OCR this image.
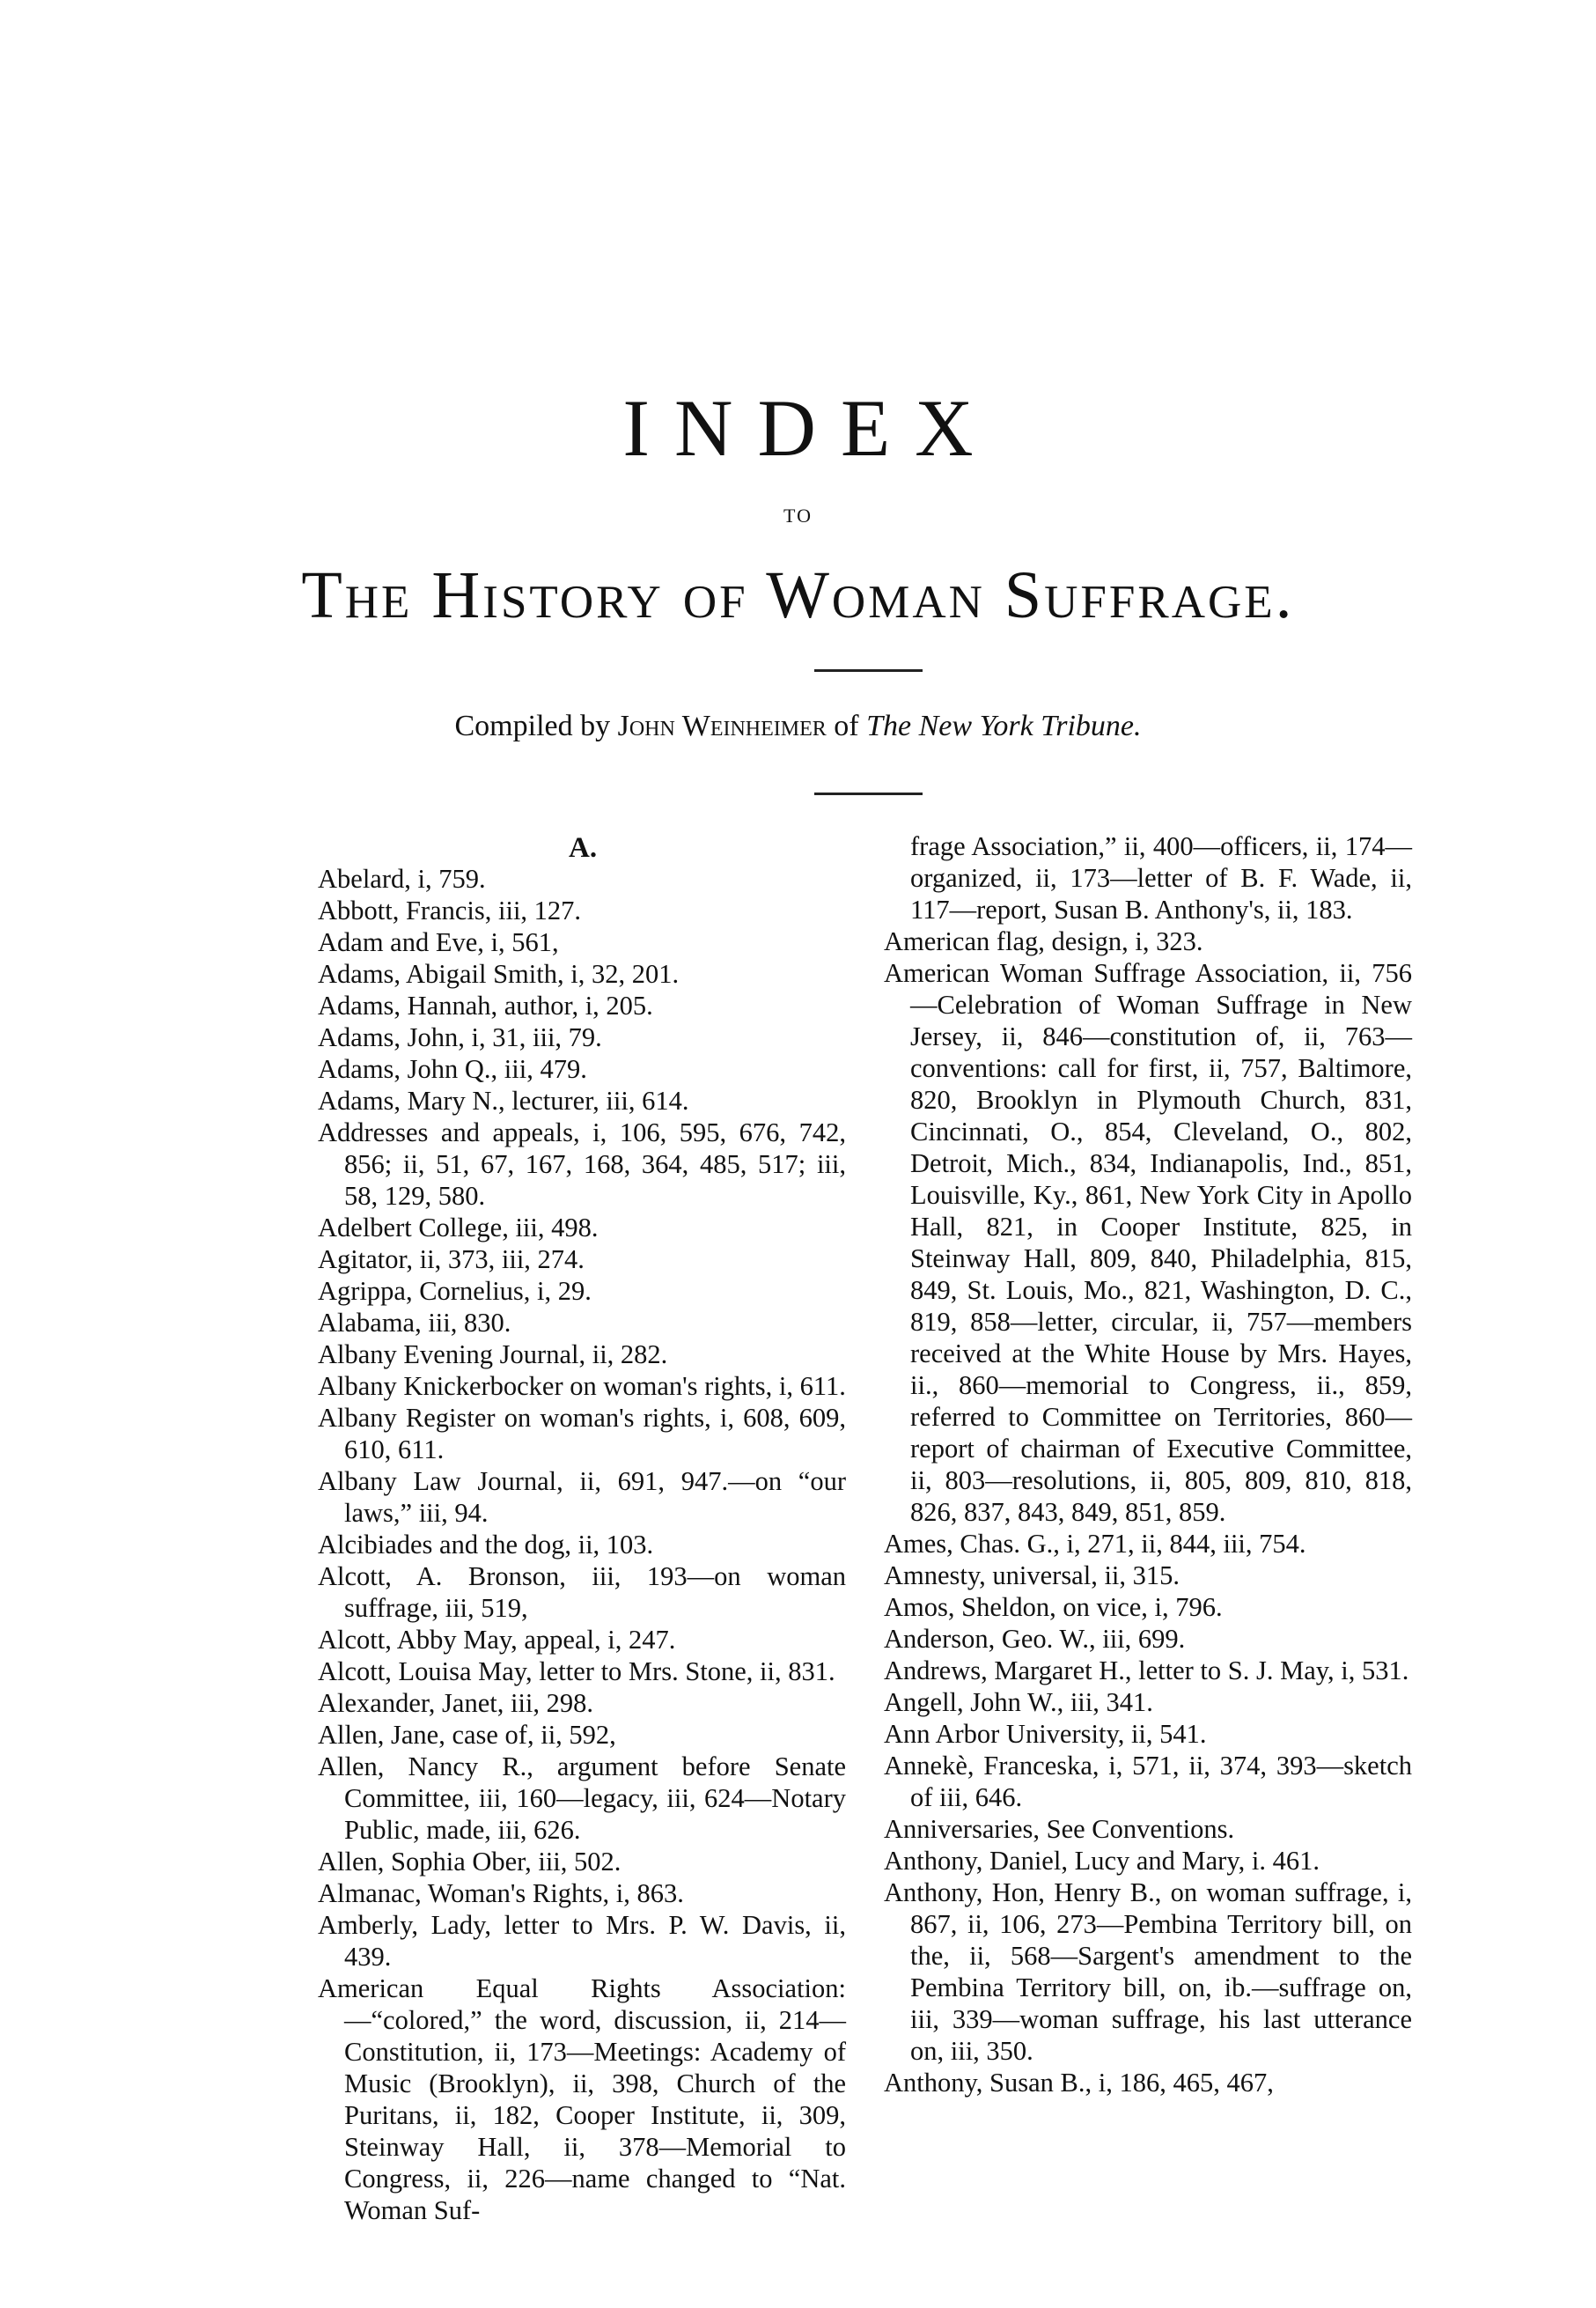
INDEX
TO
The History of Woman Suffrage.
Compiled by John Weinheimer of The New York Tribune.
A.
Abelard, i, 759.
Abbott, Francis, iii, 127.
Adam and Eve, i, 561,
Adams, Abigail Smith, i, 32, 201.
Adams, Hannah, author, i, 205.
Adams, John, i, 31, iii, 79.
Adams, John Q., iii, 479.
Adams, Mary N., lecturer, iii, 614.
Addresses and appeals, i, 106, 595, 676, 742, 856; ii, 51, 67, 167, 168, 364, 485, 517; iii, 58, 129, 580.
Adelbert College, iii, 498.
Agitator, ii, 373, iii, 274.
Agrippa, Cornelius, i, 29.
Alabama, iii, 830.
Albany Evening Journal, ii, 282.
Albany Knickerbocker on woman's rights, i, 611.
Albany Register on woman's rights, i, 608, 609, 610, 611.
Albany Law Journal, ii, 691, 947.—on “our laws,” iii, 94.
Alcibiades and the dog, ii, 103.
Alcott, A. Bronson, iii, 193—on woman suffrage, iii, 519,
Alcott, Abby May, appeal, i, 247.
Alcott, Louisa May, letter to Mrs. Stone, ii, 831.
Alexander, Janet, iii, 298.
Allen, Jane, case of, ii, 592,
Allen, Nancy R., argument before Senate Committee, iii, 160—legacy, iii, 624—Notary Public, made, iii, 626.
Allen, Sophia Ober, iii, 502.
Almanac, Woman's Rights, i, 863.
Amberly, Lady, letter to Mrs. P. W. Davis, ii, 439.
American Equal Rights Association: —“colored,” the word, discussion, ii, 214—Constitution, ii, 173—Meetings: Academy of Music (Brooklyn), ii, 398, Church of the Puritans, ii, 182, Cooper Institute, ii, 309, Steinway Hall, ii, 378—Memorial to Congress, ii, 226—name changed to “Nat. Woman Suf-
frage Association,” ii, 400—officers, ii, 174—organized, ii, 173—letter of B. F. Wade, ii, 117—report, Susan B. Anthony's, ii, 183.
American flag, design, i, 323.
American Woman Suffrage Association, ii, 756—Celebration of Woman Suffrage in New Jersey, ii, 846—constitution of, ii, 763—conventions: call for first, ii, 757, Baltimore, 820, Brooklyn in Plymouth Church, 831, Cincinnati, O., 854, Cleveland, O., 802, Detroit, Mich., 834, Indianapolis, Ind., 851, Louisville, Ky., 861, New York City in Apollo Hall, 821, in Cooper Institute, 825, in Steinway Hall, 809, 840, Philadelphia, 815, 849, St. Louis, Mo., 821, Washington, D. C., 819, 858—letter, circular, ii, 757—members received at the White House by Mrs. Hayes, ii., 860—memorial to Congress, ii., 859, referred to Committee on Territories, 860—report of chairman of Executive Committee, ii, 803—resolutions, ii, 805, 809, 810, 818, 826, 837, 843, 849, 851, 859.
Ames, Chas. G., i, 271, ii, 844, iii, 754.
Amnesty, universal, ii, 315.
Amos, Sheldon, on vice, i, 796.
Anderson, Geo. W., iii, 699.
Andrews, Margaret H., letter to S. J. May, i, 531.
Angell, John W., iii, 341.
Ann Arbor University, ii, 541.
Annekè, Franceska, i, 571, ii, 374, 393—sketch of iii, 646.
Anniversaries, See Conventions.
Anthony, Daniel, Lucy and Mary, i. 461.
Anthony, Hon, Henry B., on woman suffrage, i, 867, ii, 106, 273—Pembina Territory bill, on the, ii, 568—Sargent's amendment to the Pembina Territory bill, on, ib.—suffrage on, iii, 339—woman suffrage, his last utterance on, iii, 350.
Anthony, Susan B., i, 186, 465, 467,
